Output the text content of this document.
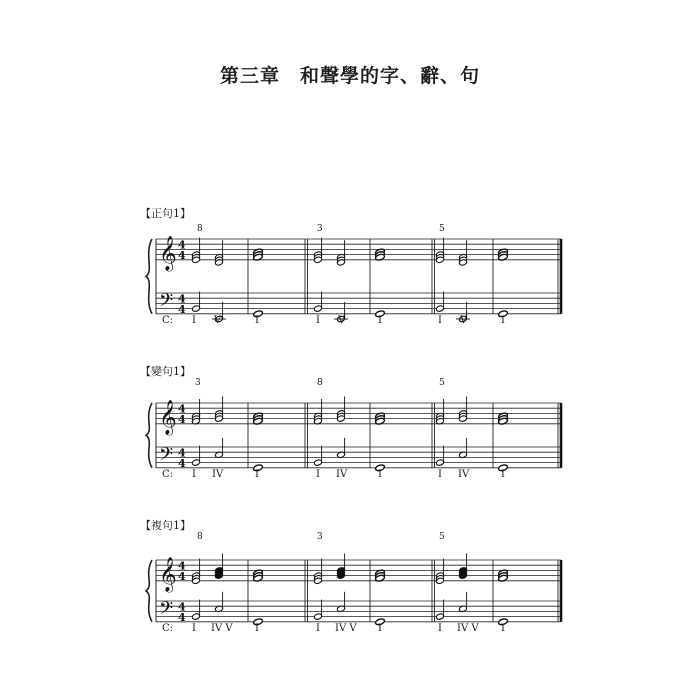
第三章　和聲學的字、辭、句
【正句1】
8	3	5
𝄞
𝄢
4
4
4
4
C: I V	I	I V	I	I V	I
【變句1】
3	8	5
𝄞
𝄢
4
4
4
4
C: I IV	I	I IV	I	I IV	I
【複句1】
8	3	5
𝄞
𝄢
4
4
4
4
C: I IV V I	I IV V I	I IV V I
